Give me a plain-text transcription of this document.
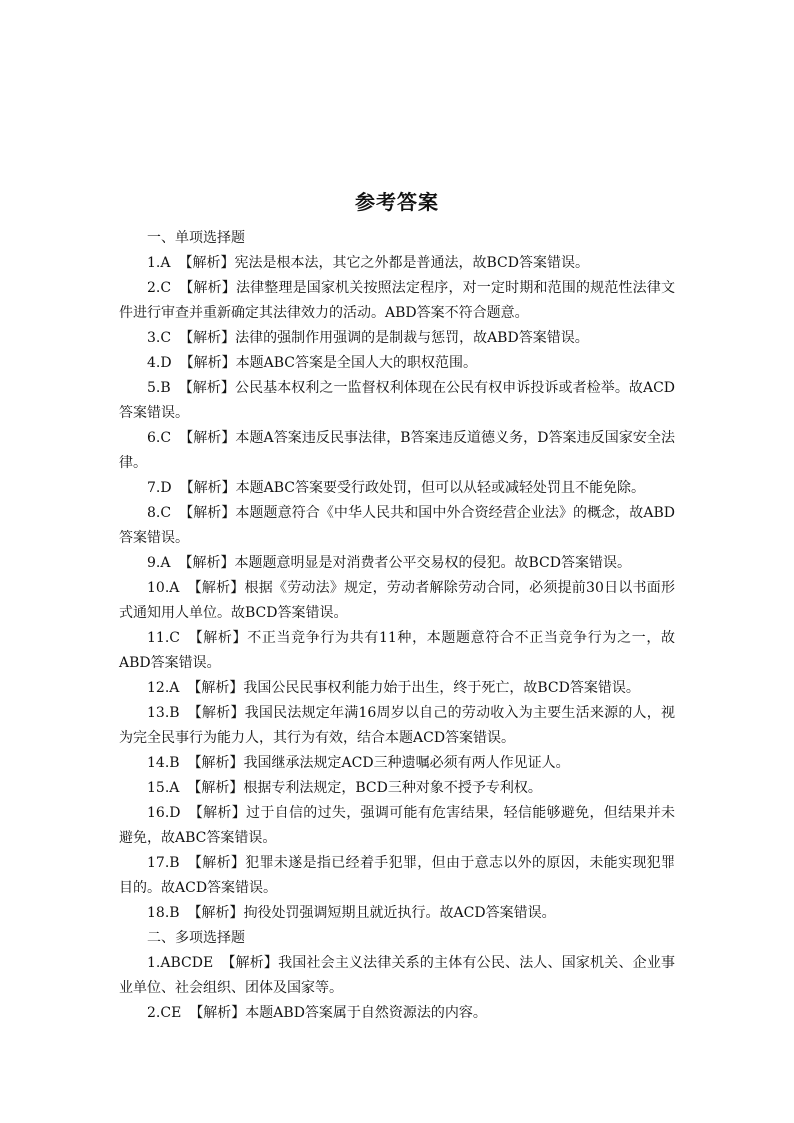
参考答案

一、单项选择题

1.A 【解析】宪法是根本法，其它之外都是普通法，故BCD答案错误。

2.C 【解析】法律整理是国家机关按照法定程序，对一定时期和范围的规范性法律文件进行审查并重新确定其法律效力的活动。ABD答案不符合题意。

3.C 【解析】法律的强制作用强调的是制裁与惩罚，故ABD答案错误。

4.D 【解析】本题ABC答案是全国人大的职权范围。

5.B 【解析】公民基本权利之一监督权利体现在公民有权申诉投诉或者检举。故ACD答案错误。

6.C 【解析】本题A答案违反民事法律，B答案违反道德义务，D答案违反国家安全法律。

7.D 【解析】本题ABC答案要受行政处罚，但可以从轻或减轻处罚且不能免除。

8.C 【解析】本题题意符合《中华人民共和国中外合资经营企业法》的概念，故ABD答案错误。

9.A 【解析】本题题意明显是对消费者公平交易权的侵犯。故BCD答案错误。

10.A 【解析】根据《劳动法》规定，劳动者解除劳动合同，必须提前30日以书面形式通知用人单位。故BCD答案错误。

11.C 【解析】不正当竞争行为共有11种，本题题意符合不正当竞争行为之一，故ABD答案错误。

12.A 【解析】我国公民民事权利能力始于出生，终于死亡，故BCD答案错误。

13.B 【解析】我国民法规定年满16周岁以自己的劳动收入为主要生活来源的人，视为完全民事行为能力人，其行为有效，结合本题ACD答案错误。

14.B 【解析】我国继承法规定ACD三种遗嘱必须有两人作见证人。

15.A 【解析】根据专利法规定，BCD三种对象不授予专利权。

16.D 【解析】过于自信的过失，强调可能有危害结果，轻信能够避免，但结果并未避免，故ABC答案错误。

17.B 【解析】犯罪未遂是指已经着手犯罪，但由于意志以外的原因，未能实现犯罪目的。故ACD答案错误。

18.B 【解析】拘役处罚强调短期且就近执行。故ACD答案错误。

二、多项选择题

1.ABCDE 【解析】我国社会主义法律关系的主体有公民、法人、国家机关、企业事业单位、社会组织、团体及国家等。

2.CE 【解析】本题ABD答案属于自然资源法的内容。
